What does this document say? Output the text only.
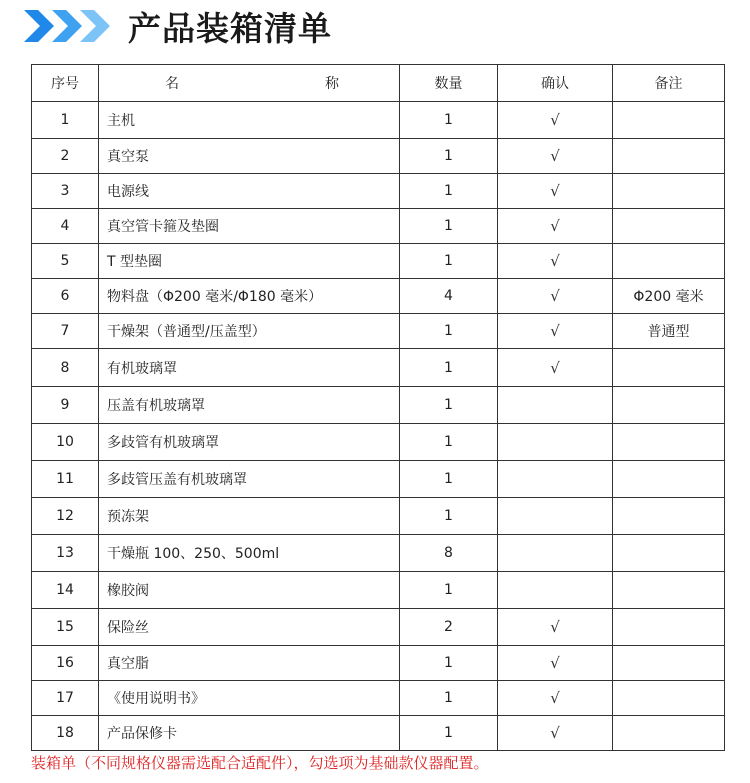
产品装箱清单
序号	名 称	数量	确认	备注
1	主机	1	√	
2	真空泵	1	√	
3	电源线	1	√	
4	真空管卡箍及垫圈	1	√	
5	T 型垫圈	1	√	
6	物料盘（Φ200 毫米/Φ180 毫米）	4	√	Φ200 毫米
7	干燥架（普通型/压盖型）	1	√	普通型
8	有机玻璃罩	1	√	
9	压盖有机玻璃罩	1		
10	多歧管有机玻璃罩	1		
11	多歧管压盖有机玻璃罩	1		
12	预冻架	1		
13	干燥瓶 100、250、500ml	8		
14	橡胶阀	1		
15	保险丝	2	√	
16	真空脂	1	√	
17	《使用说明书》	1	√	
18	产品保修卡	1	√	
装箱单（不同规格仪器需选配合适配件），勾选项为基础款仪器配置。
